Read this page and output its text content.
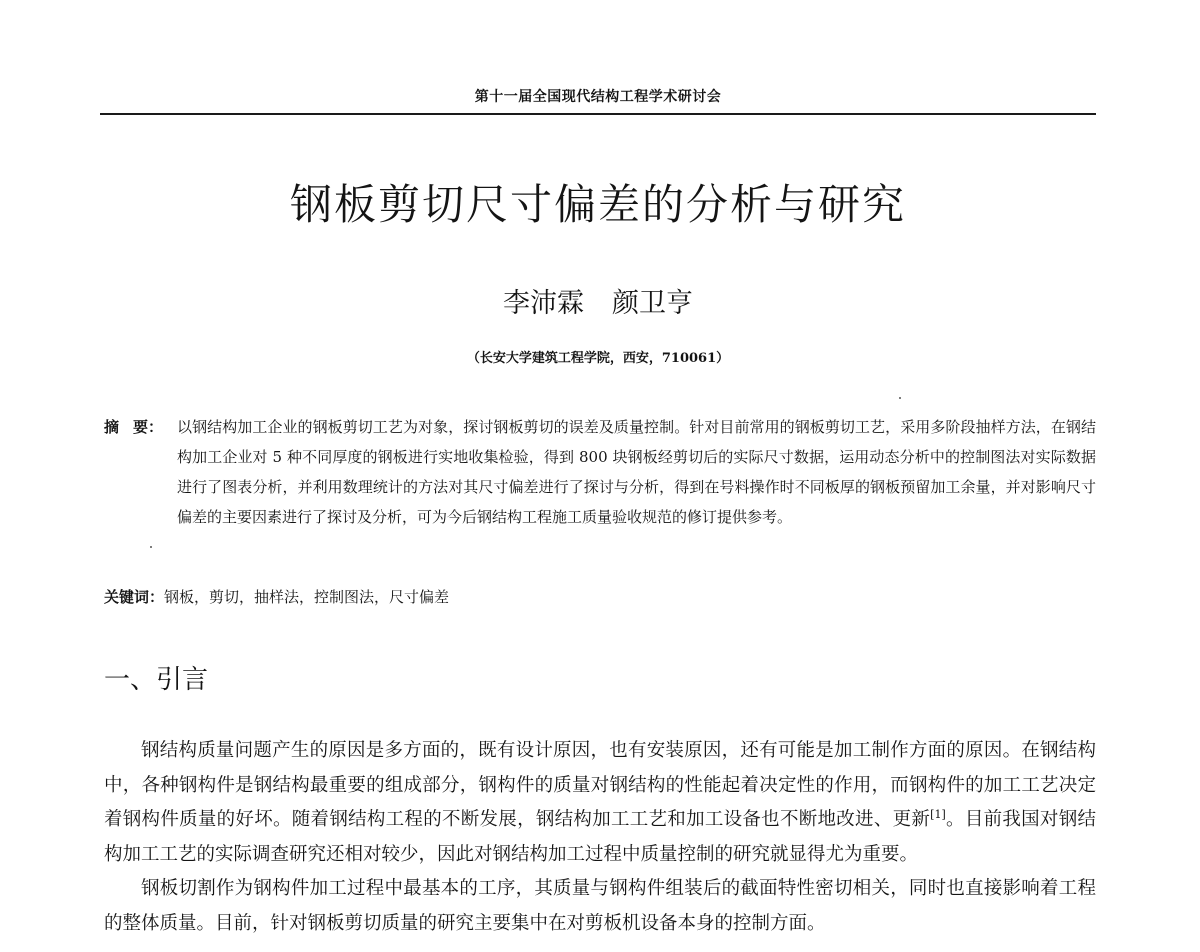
第十一届全国现代结构工程学术研讨会
钢板剪切尺寸偏差的分析与研究
李沛霖 颜卫亨
（长安大学建筑工程学院，西安，710061）
摘 要： 以钢结构加工企业的钢板剪切工艺为对象，探讨钢板剪切的误差及质量控制。针对目前常用的钢板剪切工艺，采用多阶段抽样方法，在钢结构加工企业对 5 种不同厚度的钢板进行实地收集检验，得到 800 块钢板经剪切后的实际尺寸数据，运用动态分析中的控制图法对实际数据进行了图表分析，并利用数理统计的方法对其尺寸偏差进行了探讨与分析，得到在号料操作时不同板厚的钢板预留加工余量，并对影响尺寸偏差的主要因素进行了探讨及分析，可为今后钢结构工程施工质量验收规范的修订提供参考。
关键词：钢板，剪切，抽样法，控制图法，尺寸偏差
一、引言

钢结构质量问题产生的原因是多方面的，既有设计原因，也有安装原因，还有可能是加工制作方面的原因。在钢结构中，各种钢构件是钢结构最重要的组成部分，钢构件的质量对钢结构的性能起着决定性的作用，而钢构件的加工工艺决定着钢构件质量的好坏。随着钢结构工程的不断发展，钢结构加工工艺和加工设备也不断地改进、更新[1]。目前我国对钢结构加工工艺的实际调查研究还相对较少，因此对钢结构加工过程中质量控制的研究就显得尤为重要。

钢板切割作为钢构件加工过程中最基本的工序，其质量与钢构件组装后的截面特性密切相关，同时也直接影响着工程的整体质量。目前，针对钢板剪切质量的研究主要集中在对剪板机设备本身的控制方面。
